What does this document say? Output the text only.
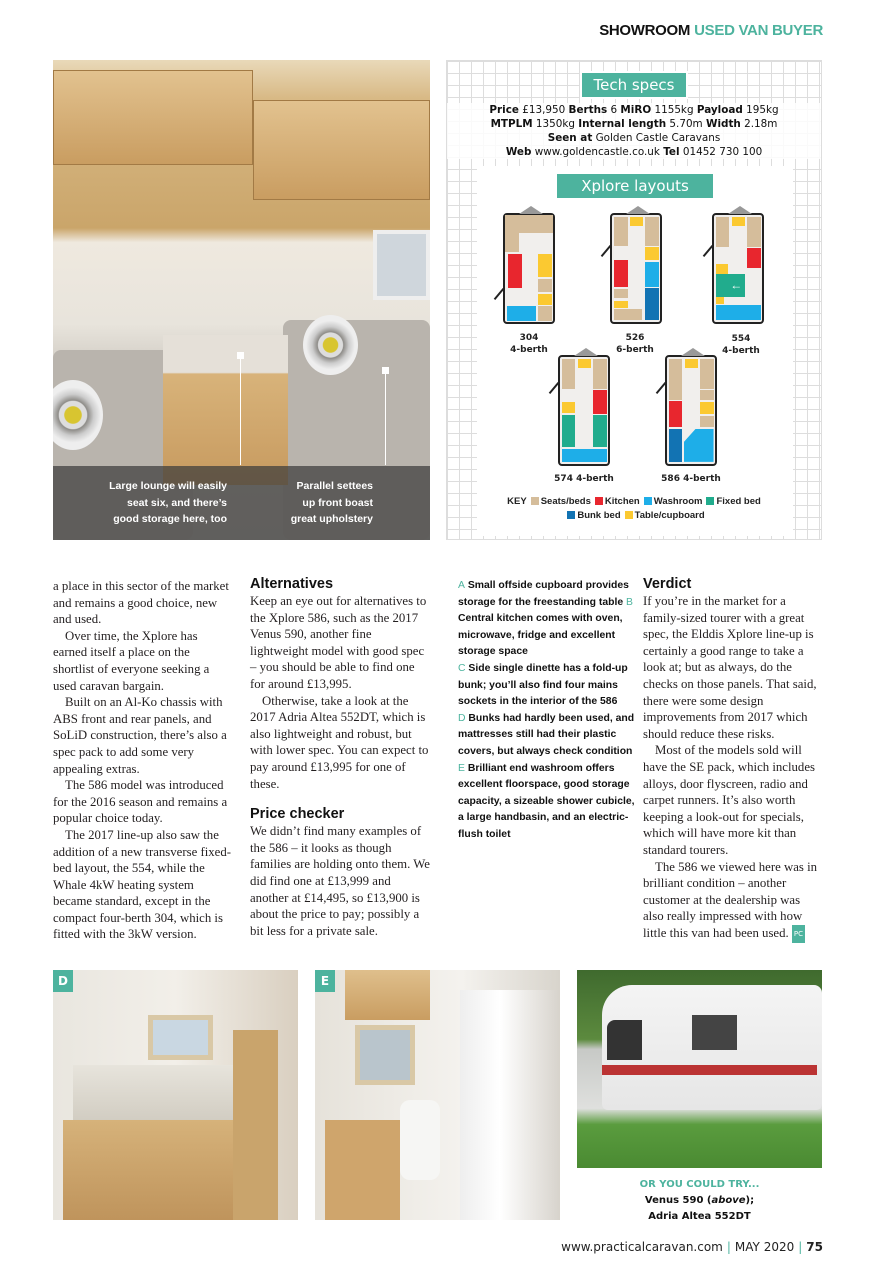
SHOWROOM USED VAN BUYER
Large lounge will easily
seat six, and there’s
good storage here, too
Parallel settees
up front boast
great upholstery
Tech specs
Price £13,950 Berths 6 MiRO 1155kg Payload 195kg
MTPLM 1350kg Internal length 5.70m Width 2.18m
Seen at Golden Castle Caravans
Web www.goldencastle.co.uk Tel 01452 730 100
Xplore layouts
←
304
4-berth
526
6-berth
554
4-berth
574 4-berth	586 4-berth
KEY Seats/beds Kitchen Washroom Fixed bed
Bunk bed Table/cupboard

a place in this sector of the market and remains a good choice, new and used.

Over time, the Xplore has earned itself a place on the shortlist of everyone seeking a used caravan bargain.

Built on an Al-Ko chassis with ABS front and rear panels, and SoLiD construction, there’s also a spec pack to add some very appealing extras.

The 586 model was introduced for the 2016 season and remains a popular choice today.

The 2017 line-up also saw the addition of a new transverse fixed-bed layout, the 554, while the Whale 4kW heating system became standard, except in the compact four-berth 304, which is fitted with the 3kW version.

Alternatives

Keep an eye out for alternatives to the Xplore 586, such as the 2017 Venus 590, another fine lightweight model with good spec – you should be able to find one for around £13,995.

Otherwise, take a look at the 2017 Adria Altea 552DT, which is also lightweight and robust, but with lower spec. You can expect to pay around £13,995 for one of these.

Price checker

We didn’t find many examples of the 586 – it looks as though families are holding onto them. We did find one at £13,999 and another at £14,495, so £13,900 is about the price to pay; possibly a bit less for a private sale.

A Small offside cupboard provides storage for the freestanding table B Central kitchen comes with oven, microwave, fridge and excellent storage space
C Side single dinette has a fold-up bunk; you’ll also find four mains sockets in the interior of the 586
D Bunks had hardly been used, and mattresses still had their plastic covers, but always check condition
E Brilliant end washroom offers excellent floorspace, good storage capacity, a sizeable shower cubicle, a large handbasin, and an electric-flush toilet
Verdict

If you’re in the market for a family-sized tourer with a great spec, the Elddis Xplore line-up is certainly a good range to take a look at; but as always, do the checks on those panels. That said, there were some design improvements from 2017 which should reduce these risks.

Most of the models sold will have the SE pack, which includes alloys, door flyscreen, radio and carpet runners. It’s also worth keeping a look-out for specials, which will have more kit than standard tourers.

The 586 we viewed here was in brilliant condition – another customer at the dealership was also really impressed with how little this van had been used. PC

D	E
OR YOU COULD TRY...
Venus 590 (above);
Adria Altea 552DT
www.practicalcaravan.com | MAY 2020 | 75
